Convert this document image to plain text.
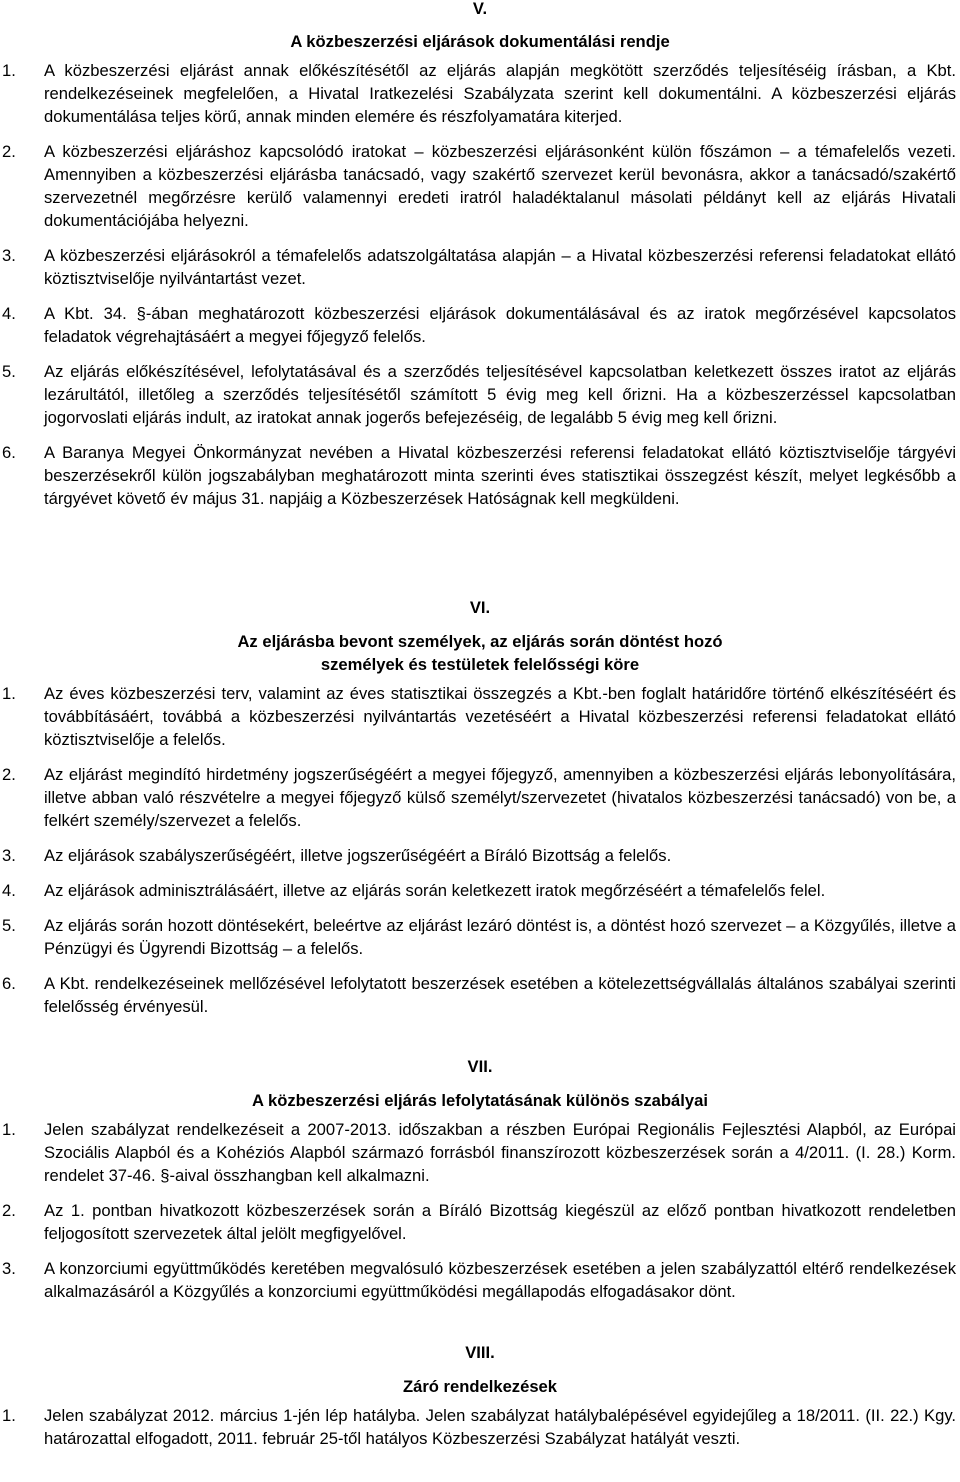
V.
A közbeszerzési eljárások dokumentálási rendje
1.	A közbeszerzési eljárást annak előkészítésétől az eljárás alapján megkötött szerződés teljesítéséig írásban, a Kbt. rendelkezéseinek megfelelően, a Hivatal Iratkezelési Szabályzata szerint kell dokumentálni. A közbeszerzési eljárás dokumentálása teljes körű, annak minden elemére és részfolyamatára kiterjed.
2.	A közbeszerzési eljáráshoz kapcsolódó iratokat – közbeszerzési eljárásonként külön főszámon – a témafelelős vezeti. Amennyiben a közbeszerzési eljárásba tanácsadó, vagy szakértő szervezet kerül bevonásra, akkor a tanácsadó/szakértő szervezetnél megőrzésre kerülő valamennyi eredeti iratról haladéktalanul másolati példányt kell az eljárás Hivatali dokumentációjába helyezni.
3.	A közbeszerzési eljárásokról a témafelelős adatszolgáltatása alapján – a Hivatal közbeszerzési referensi feladatokat ellátó köztisztviselője nyilvántartást vezet.
4.	A Kbt. 34. §-ában meghatározott közbeszerzési eljárások dokumentálásával és az iratok megőrzésével kapcsolatos feladatok végrehajtásáért a megyei főjegyző felelős.
5.	Az eljárás előkészítésével, lefolytatásával és a szerződés teljesítésével kapcsolatban keletkezett összes iratot az eljárás lezárultától, illetőleg a szerződés teljesítésétől számított 5 évig meg kell őrizni. Ha a közbeszerzéssel kapcsolatban jogorvoslati eljárás indult, az iratokat annak jogerős befejezéséig, de legalább 5 évig meg kell őrizni.
6.	A Baranya Megyei Önkormányzat nevében a Hivatal közbeszerzési referensi feladatokat ellátó köztisztviselője tárgyévi beszerzésekről külön jogszabályban meghatározott minta szerinti éves statisztikai összegzést készít, melyet legkésőbb a tárgyévet követő év május 31. napjáig a Közbeszerzések Hatóságnak kell megküldeni.
VI.
Az eljárásba bevont személyek, az eljárás során döntést hozó
személyek és testületek felelősségi köre
1.	Az éves közbeszerzési terv, valamint az éves statisztikai összegzés a Kbt.-ben foglalt határidőre történő elkészítéséért és továbbításáért, továbbá a közbeszerzési nyilvántartás vezetéséért a Hivatal közbeszerzési referensi feladatokat ellátó köztisztviselője a felelős.
2.	Az eljárást megindító hirdetmény jogszerűségéért a megyei főjegyző, amennyiben a közbeszerzési eljárás lebonyolítására, illetve abban való részvételre a megyei főjegyző külső személyt/szervezetet (hivatalos közbeszerzési tanácsadó) von be, a felkért személy/szervezet a felelős.
3.	Az eljárások szabályszerűségéért, illetve jogszerűségéért a Bíráló Bizottság a felelős.
4.	Az eljárások adminisztrálásáért, illetve az eljárás során keletkezett iratok megőrzéséért a témafelelős felel.
5.	Az eljárás során hozott döntésekért, beleértve az eljárást lezáró döntést is, a döntést hozó szervezet – a Közgyűlés, illetve a Pénzügyi és Ügyrendi Bizottság – a felelős.
6.	A Kbt. rendelkezéseinek mellőzésével lefolytatott beszerzések esetében a kötelezettségvállalás általános szabályai szerinti felelősség érvényesül.
VII.
A közbeszerzési eljárás lefolytatásának különös szabályai
1.	Jelen szabályzat rendelkezéseit a 2007-2013. időszakban a részben Európai Regionális Fejlesztési Alapból, az Európai Szociális Alapból és a Kohéziós Alapból származó forrásból finanszírozott közbeszerzések során a 4/2011. (I. 28.) Korm. rendelet 37-46. §-aival összhangban kell alkalmazni.
2.	Az 1. pontban hivatkozott közbeszerzések során a Bíráló Bizottság kiegészül az előző pontban hivatkozott rendeletben feljogosított szervezetek által jelölt megfigyelővel.
3.	A konzorciumi együttműködés keretében megvalósuló közbeszerzések esetében a jelen szabályzattól eltérő rendelkezések alkalmazásáról a Közgyűlés a konzorciumi együttműködési megállapodás elfogadásakor dönt.
VIII.
Záró rendelkezések
1.	Jelen szabályzat 2012. március 1-jén lép hatályba. Jelen szabályzat hatálybalépésével egyidejűleg a 18/2011. (II. 22.) Kgy. határozattal elfogadott, 2011. február 25-től hatályos Közbeszerzési Szabályzat hatályát veszti.
